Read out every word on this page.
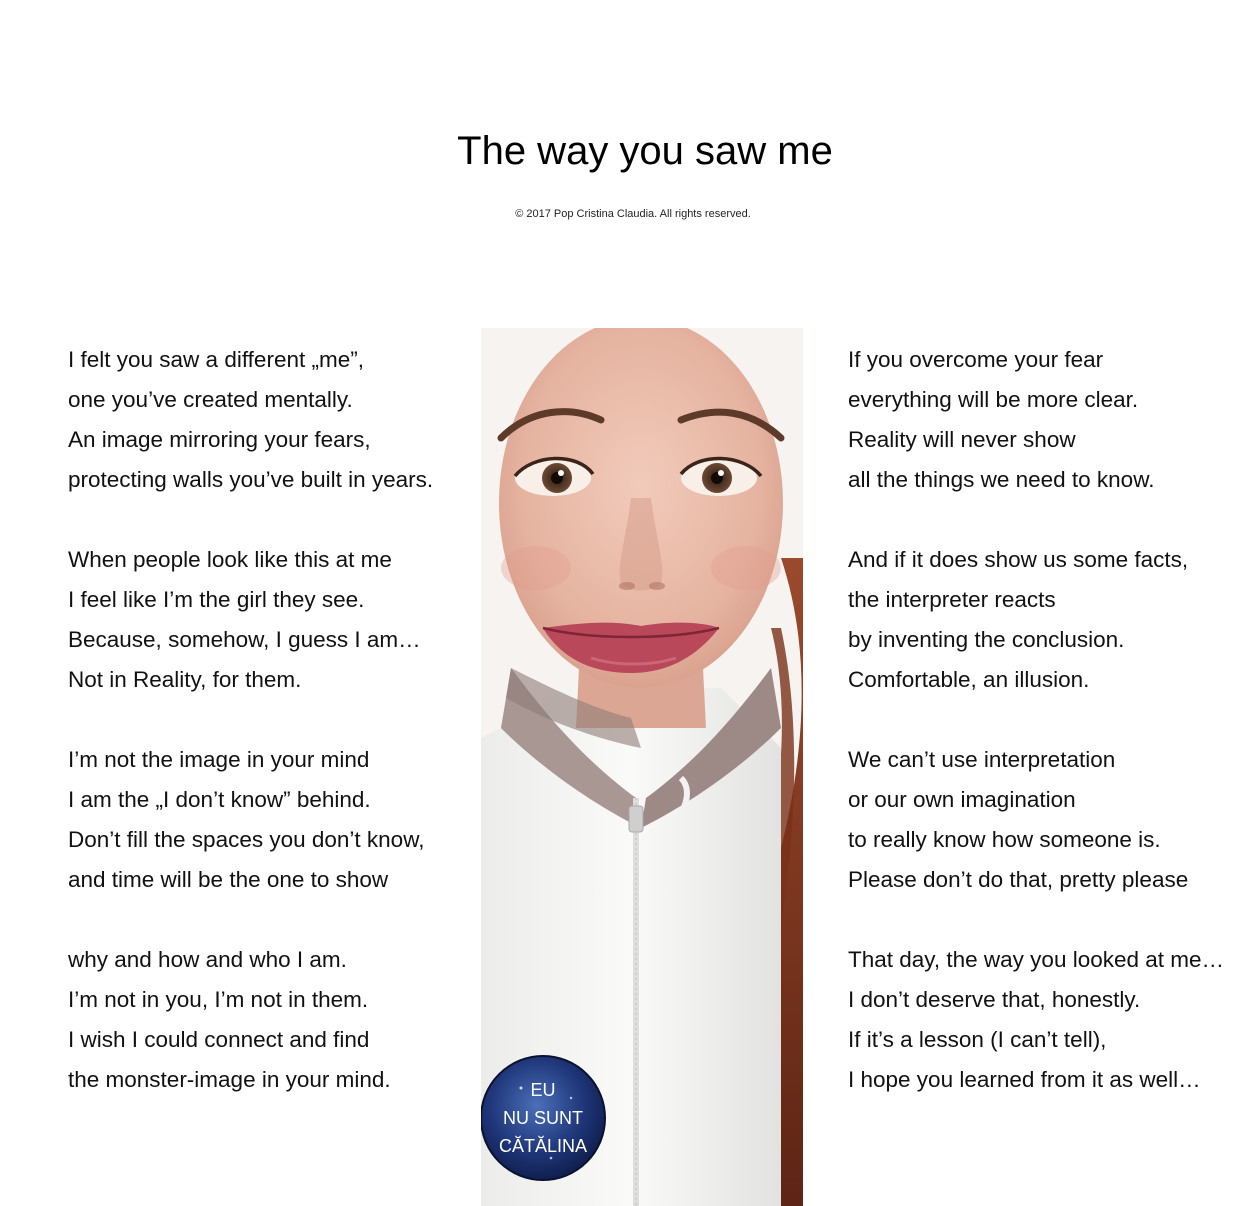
The way you saw me
© 2017 Pop Cristina Claudia. All rights reserved.
I felt you saw a different „me”,
one you’ve created mentally.
An image mirroring your fears,
protecting walls you’ve built in years.
When people look like this at me
I feel like I’m the girl they see.
Because, somehow, I guess I am…
Not in Reality, for them.
I’m not the image in your mind
I am the „I don’t know” behind.
Don’t fill the spaces you don’t know,
and time will be the one to show
why and how and who I am.
I’m not in you, I’m not in them.
I wish I could connect and find
the monster-image in your mind.	EU
NU SUNT
CĂTĂLINA
If you overcome your fear
everything will be more clear.
Reality will never show
all the things we need to know.
And if it does show us some facts,
the interpreter reacts
by inventing the conclusion.
Comfortable, an illusion.
We can’t use interpretation
or our own imagination
to really know how someone is.
Please don’t do that, pretty please
That day, the way you looked at me…
I don’t deserve that, honestly.
If it’s a lesson (I can’t tell),
I hope you learned from it as well…
